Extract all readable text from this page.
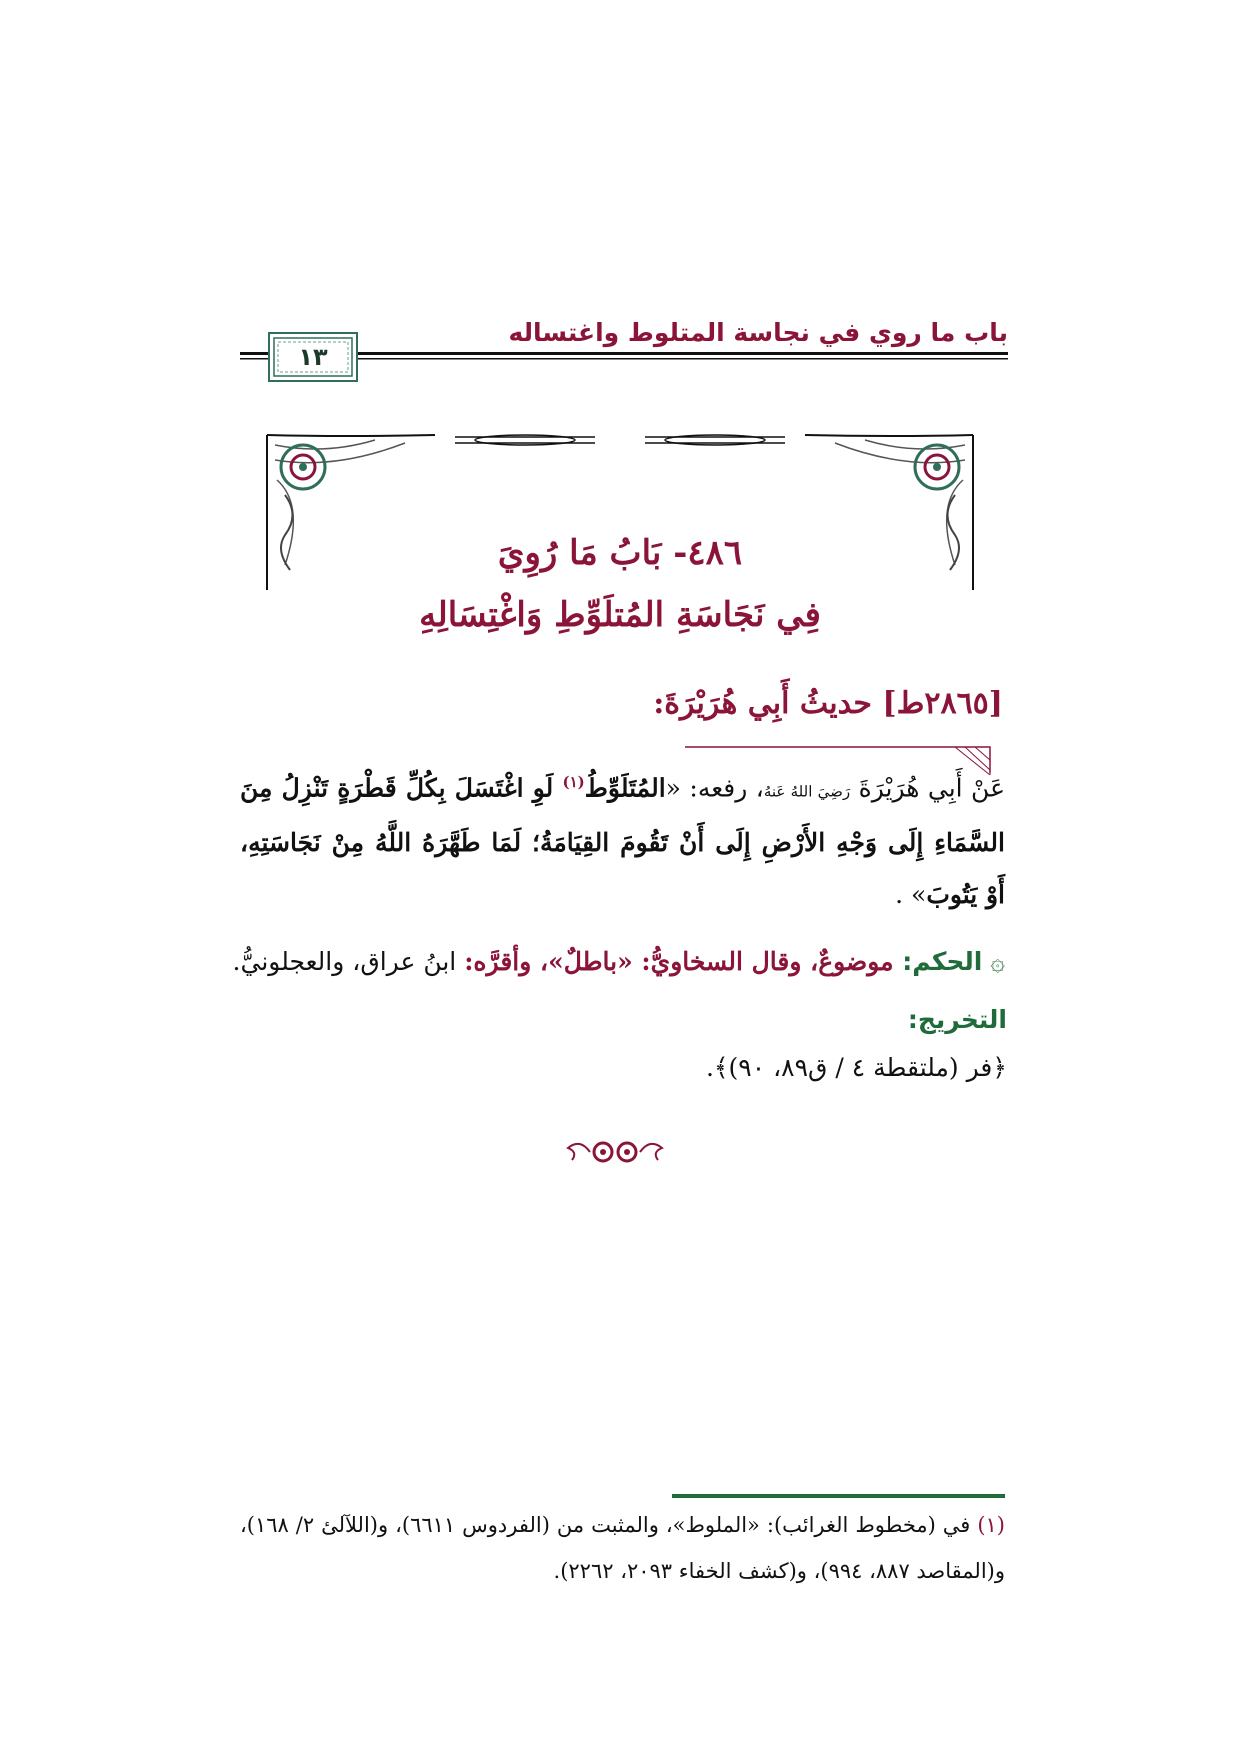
باب ما روي في نجاسة المتلوط واغتساله
١٣
٤٨٦- بَابُ مَا رُوِيَ
فِي نَجَاسَةِ المُتلَوِّطِ وَاغْتِسَالِهِ
[٢٨٦٥ط] حديثُ أَبِي هُرَيْرَةَ:
عَنْ أَبِي هُرَيْرَةَ رَضِيَ اللهُ عَنهُ، رفعه: «المُتَلَوِّطُ$^{(١)}$ لَوِ اغْتَسَلَ بِكُلِّ قَطْرَةٍ تَنْزِلُ مِنَ السَّمَاءِ إِلَى وَجْهِ الأَرْضِ إِلَى أَنْ تَقُومَ القِيَامَةُ؛ لَمَا طَهَّرَهُ اللَّهُ مِنْ نَجَاسَتِهِ، أَوْ يَتُوبَ» .
۞ الحكم: موضوعٌ، وقال السخاويُّ: «باطلٌ»، وأقرَّه: ابنُ عراق، والعجلونيُّ.
التخريج:
﴿فر (ملتقطة ٤ / ق٨٩، ٩٠)﴾.
(١) في (مخطوط الغرائب): «الملوط»، والمثبت من (الفردوس ٦٦١١)، و(اللآلئ ٢/ ١٦٨)، و(المقاصد ٨٨٧، ٩٩٤)، و(كشف الخفاء ٢٠٩٣، ٢٢٦٢).
